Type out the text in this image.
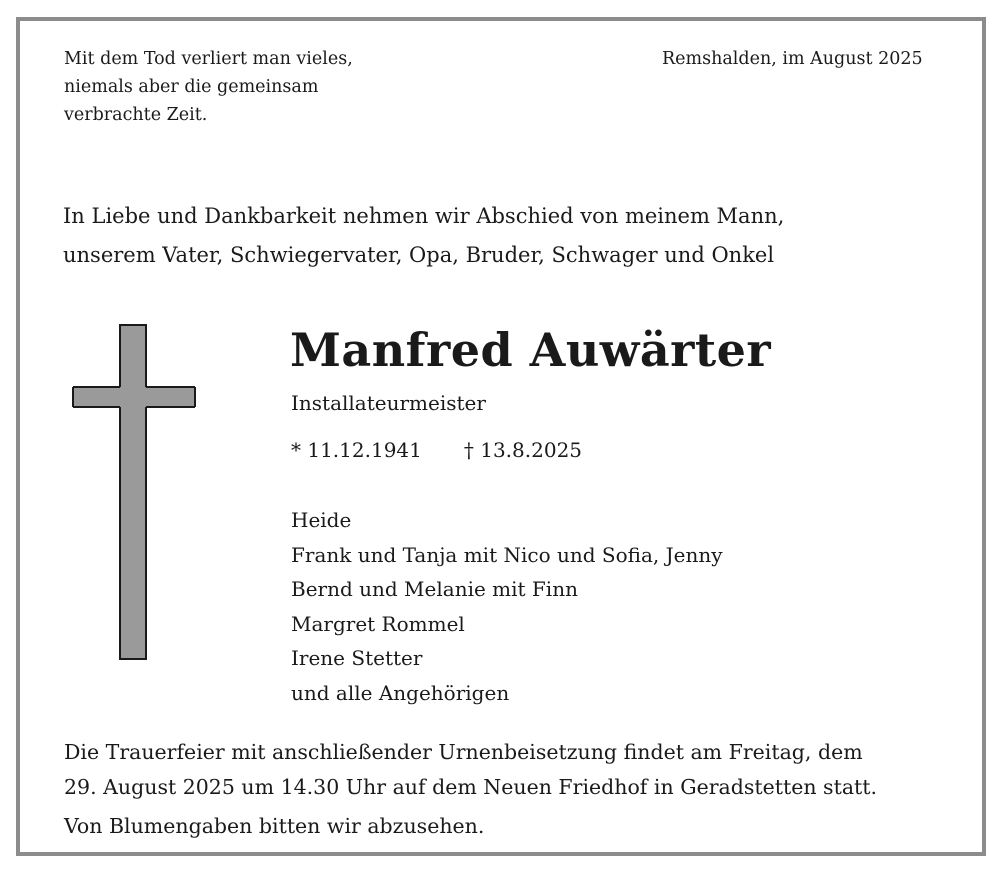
Mit dem Tod verliert man vieles,
niemals aber die gemeinsam
verbrachte Zeit.
Remshalden, im August 2025
In Liebe und Dankbarkeit nehmen wir Abschied von meinem Mann,
unserem Vater, Schwiegervater, Opa, Bruder, Schwager und Onkel
Manfred Auwärter
Installateurmeister
* 11.12.1941 † 13.8.2025
Heide
Frank und Tanja mit Nico und Sofia, Jenny
Bernd und Melanie mit Finn
Margret Rommel
Irene Stetter
und alle Angehörigen
Die Trauerfeier mit anschließender Urnenbeisetzung findet am Freitag, dem
29. August 2025 um 14.30 Uhr auf dem Neuen Friedhof in Geradstetten statt.
Von Blumengaben bitten wir abzusehen.
